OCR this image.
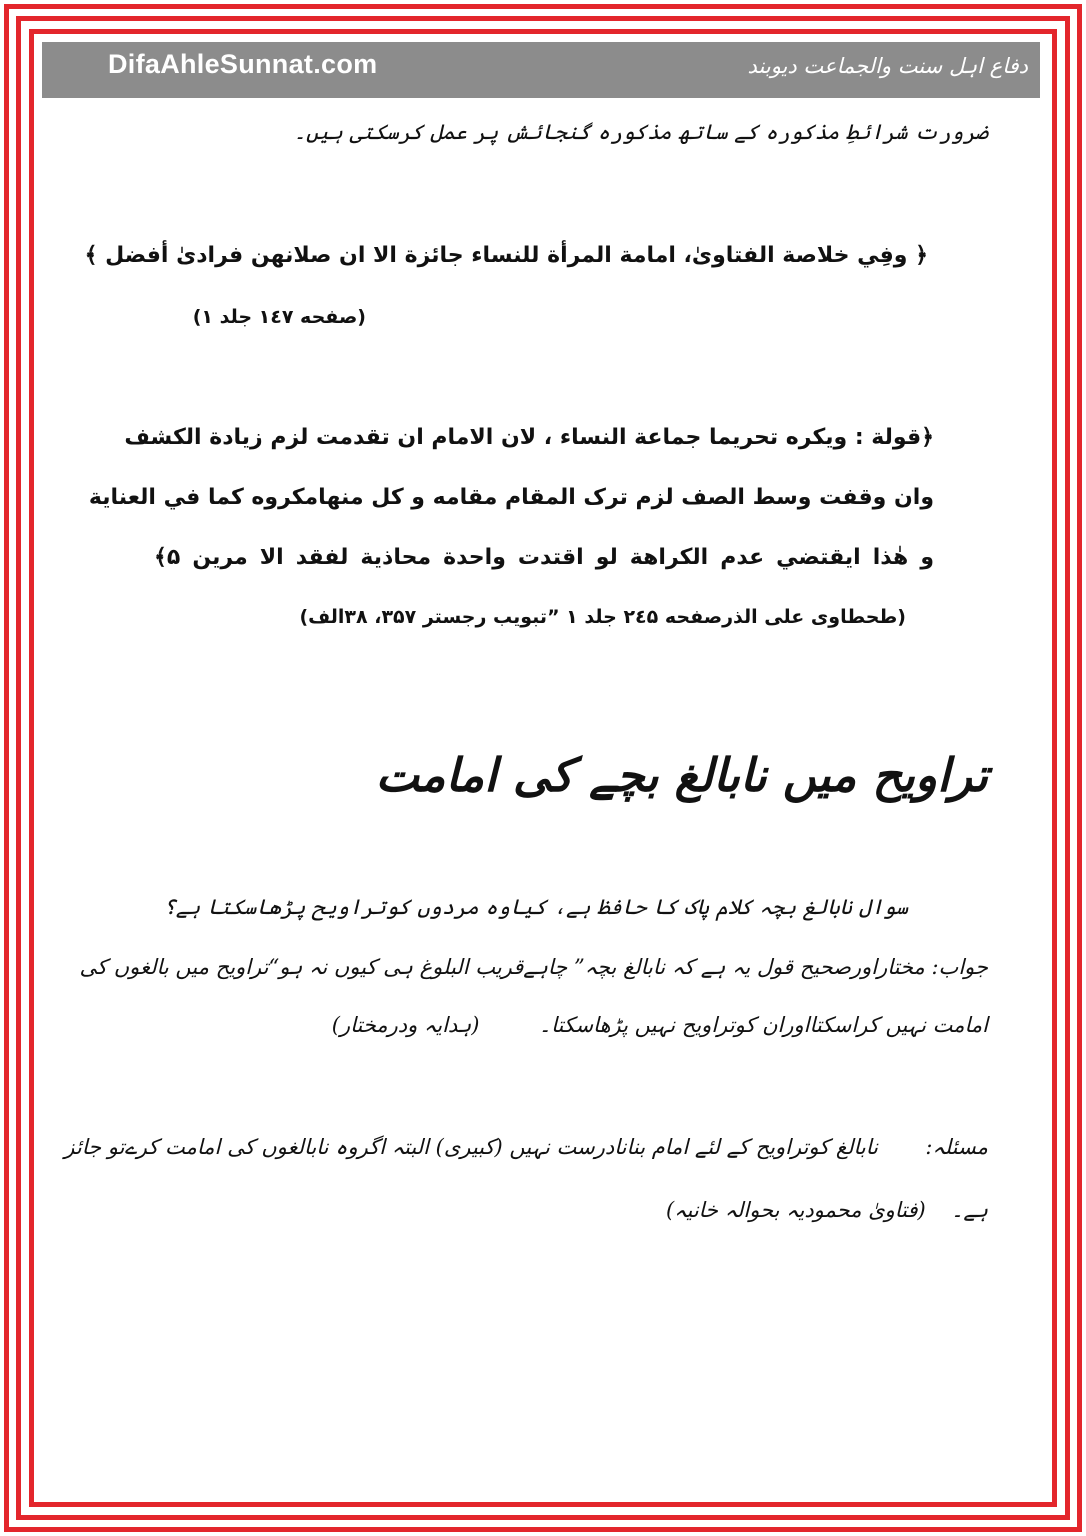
DifaAhleSunnat.com	دفاع اہل سنت والجماعت دیوبند
ضرورت شرائطِ مذکورہ کے ساتھ مذکورہ گنجائش پر عمل کرسکتی ہیں۔
﴿ وفِي خلاصة الفتاوىٰ، امامة المرأة للنساء جائزة الا ان صلانهن فرادىٰ أفضل ﴾
(صفحه ١٤٧ جلد ١)
﴿قولة : ويكره تحريما جماعة النساء ، لان الامام ان تقدمت لزم زيادة الكشف
وان وقفت وسط الصف لزم ترک المقام مقامه و کل منهامكروه كما في العناية
و هٰذا ايقتضي عدم الكراهة لو اقتدت واحدة محاذية لفقد الا مرين ۵﴾
(طحطاوى على الذرصفحه ٢٤۵ جلد ١ ”تبويب رجستر ٣۵٧، ٣٨الف)
تراويح ميں نابالغ بچے کی امامت
سوال نابالغ بچہ کلام پاک کا حافظ ہے، کیاوہ مردوں کوتراویح پڑھاسکتا ہے؟
جواب: مختاراورصحیح قول یہ ہے کہ نابالغ بچہ” چاہےقریب البلوغ ہی کیوں نہ ہو“تراویح میں بالغوں کی
امامت نہیں کراسکتااوران کوتراویح نہیں پڑھاسکتا۔  (ہدایہ ودرمختار)
مسئلہ:
نابالغ کوتراویح کے لئے امام بنانادرست نہیں (کبیری) البتہ اگروہ نابالغوں کی امامت کرےتو جائز
ہے۔  (فتاویٰ محمودیہ بحوالہ خانیہ)
